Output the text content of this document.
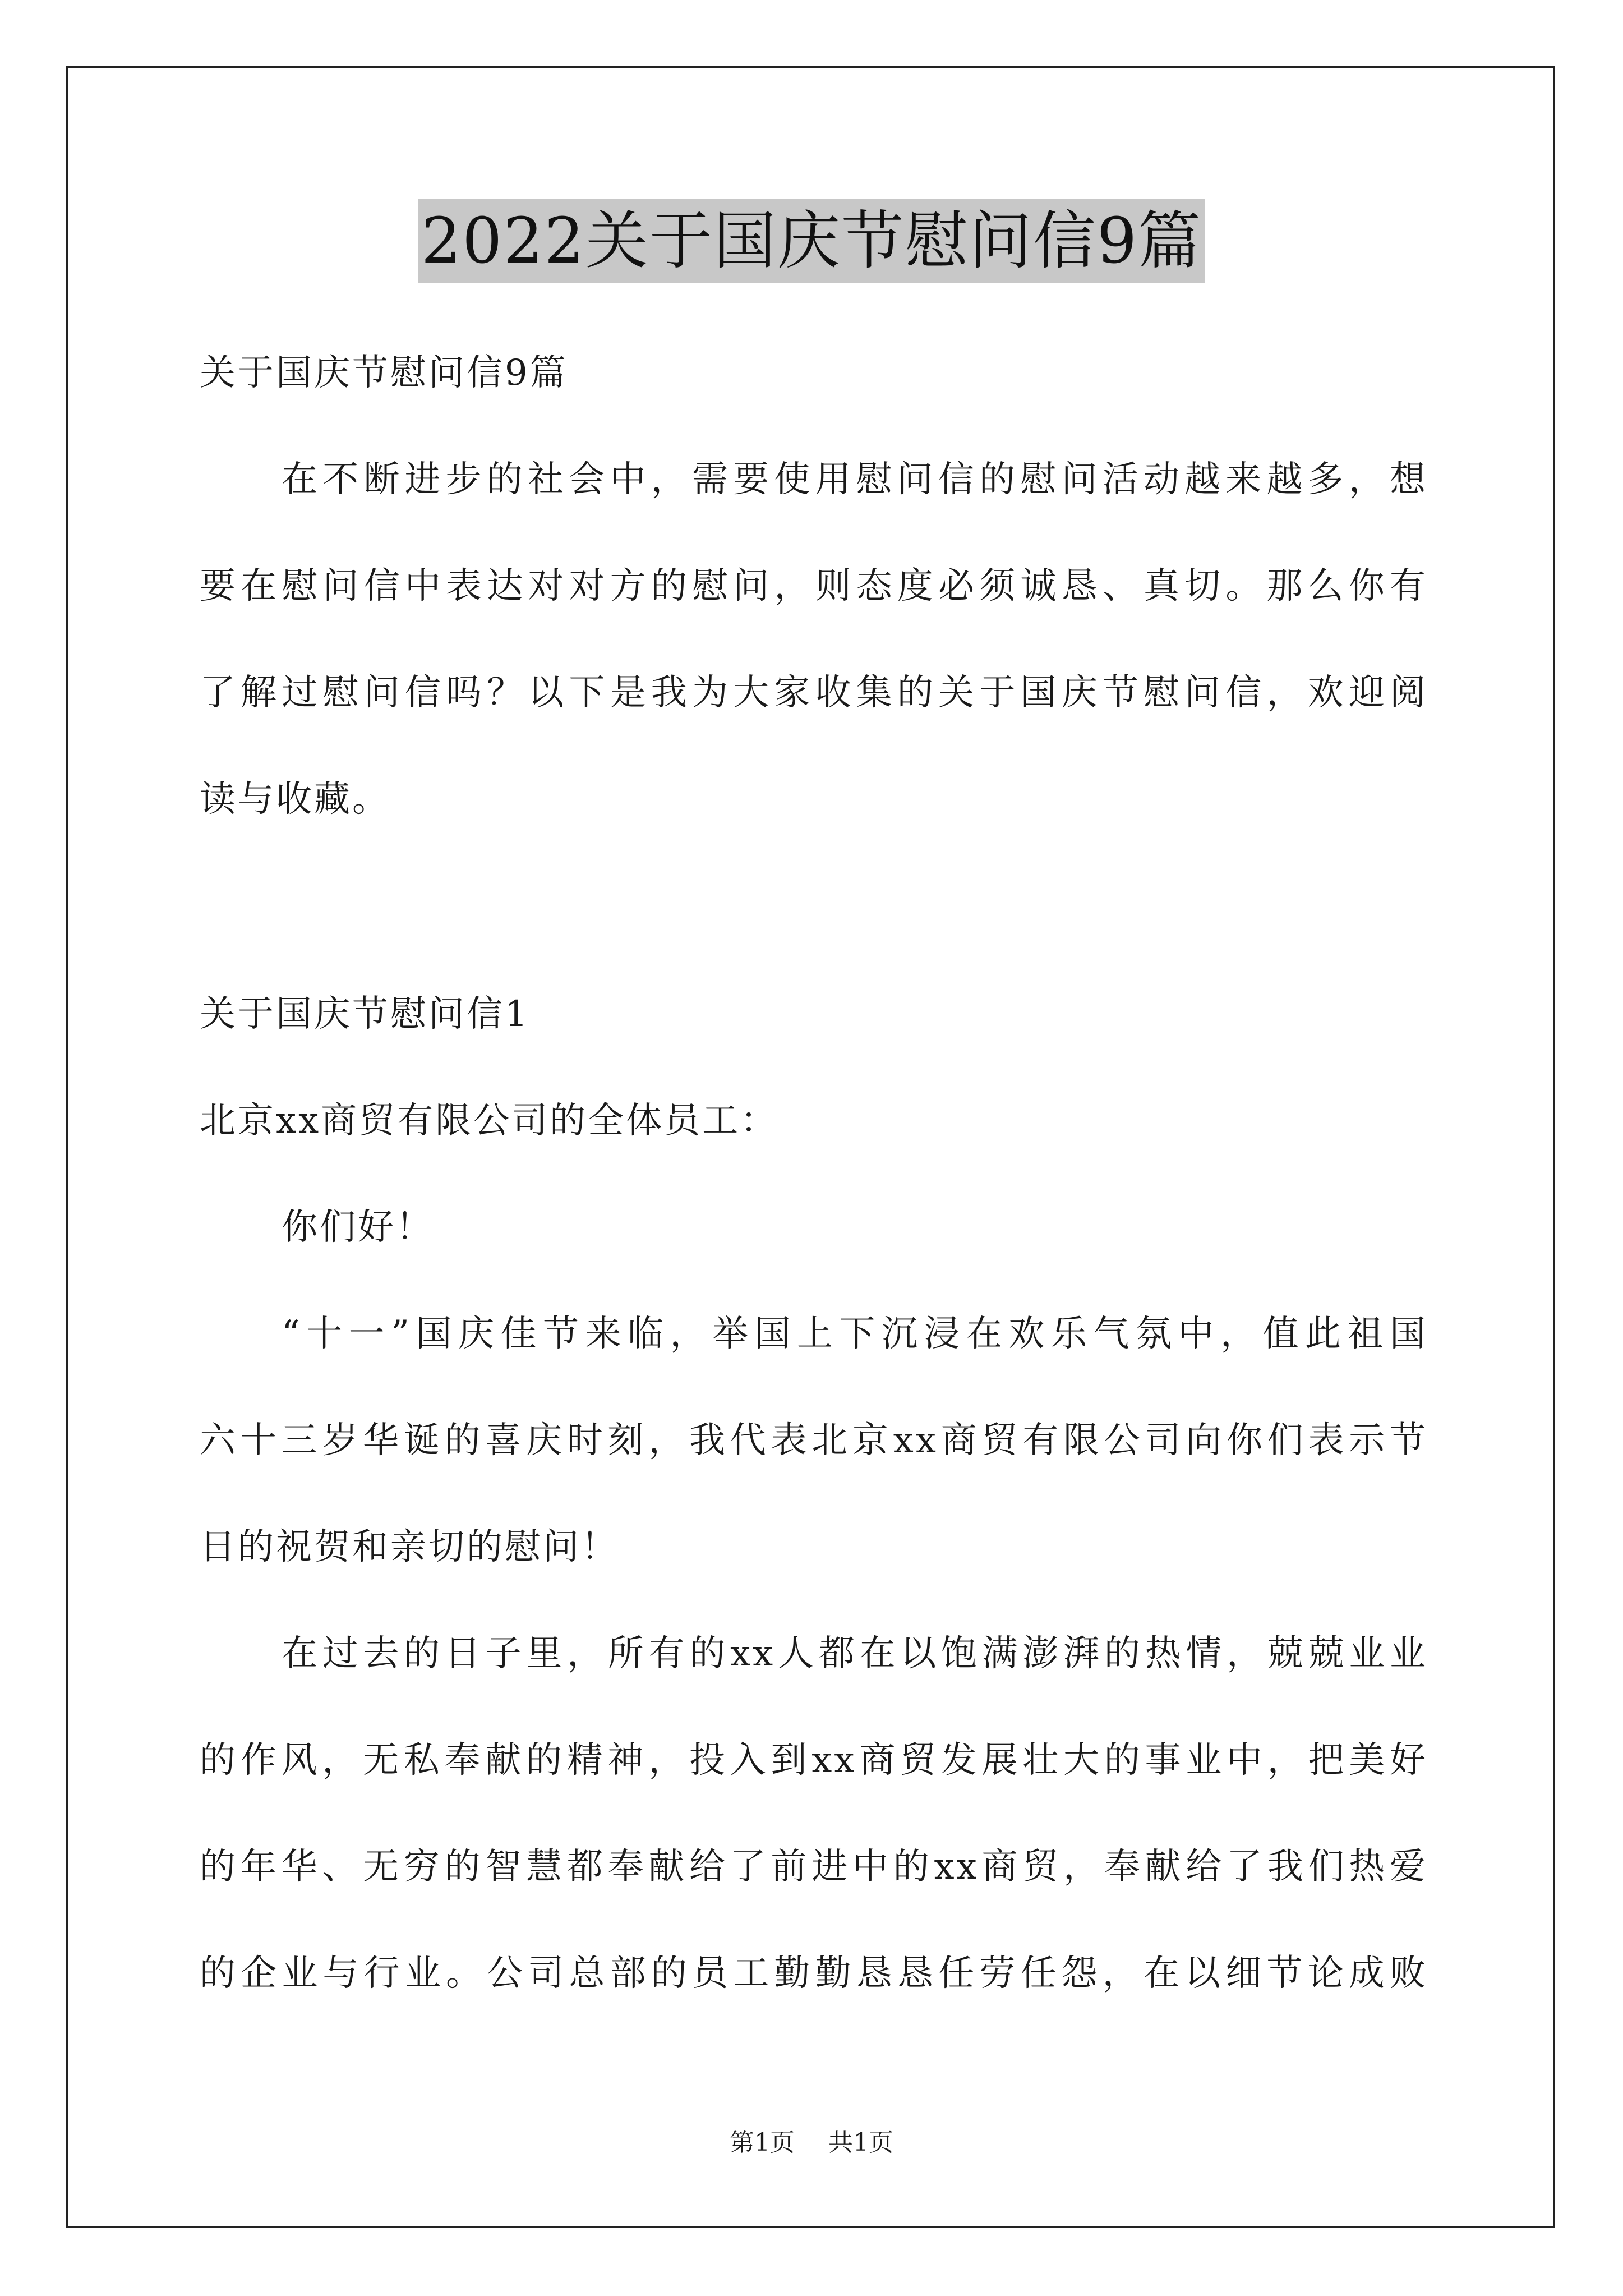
2022关于国庆节慰问信9篇
关于国庆节慰问信9篇
在不断进步的社会中，需要使用慰问信的慰问活动越来越多，想
要在慰问信中表达对对方的慰问，则态度必须诚恳、真切。那么你有
了解过慰问信吗？以下是我为大家收集的关于国庆节慰问信，欢迎阅
读与收藏。
关于国庆节慰问信1
北京xx商贸有限公司的全体员工：
你们好！
“十一”国庆佳节来临，举国上下沉浸在欢乐气氛中，值此祖国
六十三岁华诞的喜庆时刻，我代表北京xx商贸有限公司向你们表示节
日的祝贺和亲切的慰问！
在过去的日子里，所有的xx人都在以饱满澎湃的热情，兢兢业业
的作风，无私奉献的精神，投入到xx商贸发展壮大的事业中，把美好
的年华、无穷的智慧都奉献给了前进中的xx商贸，奉献给了我们热爱
的企业与行业。公司总部的员工勤勤恳恳任劳任怨，在以细节论成败
第1页 共1页
